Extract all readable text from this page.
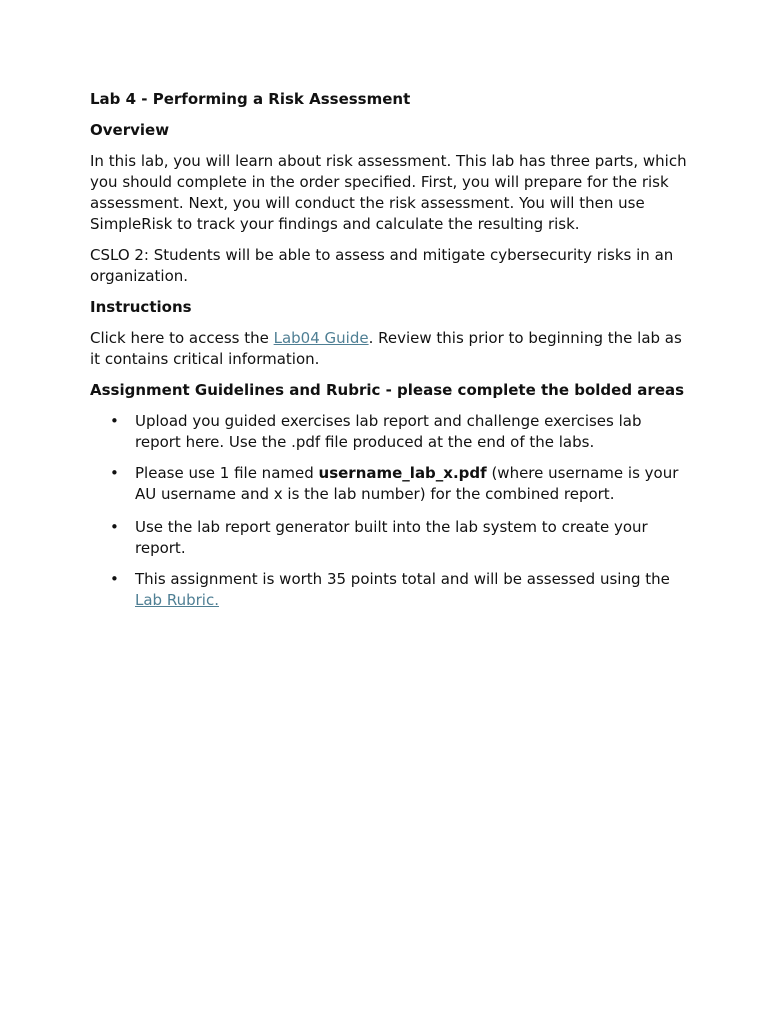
Lab 4 - Performing a Risk Assessment
Overview
In this lab, you will learn about risk assessment. This lab has three parts, which you should complete in the order specified. First, you will prepare for the risk assessment. Next, you will conduct the risk assessment. You will then use SimpleRisk to track your findings and calculate the resulting risk.
CSLO 2: Students will be able to assess and mitigate cybersecurity risks in an organization.
Instructions
Click here to access the Lab04 Guide. Review this prior to beginning the lab as it contains critical information.
Assignment Guidelines and Rubric - please complete the bolded areas
• Upload you guided exercises lab report and challenge exercises lab report here. Use the .pdf file produced at the end of the labs.
• Please use 1 file named username_lab_x.pdf (where username is your AU username and x is the lab number) for the combined report.
• Use the lab report generator built into the lab system to create your report.
• This assignment is worth 35 points total and will be assessed using the Lab Rubric.
